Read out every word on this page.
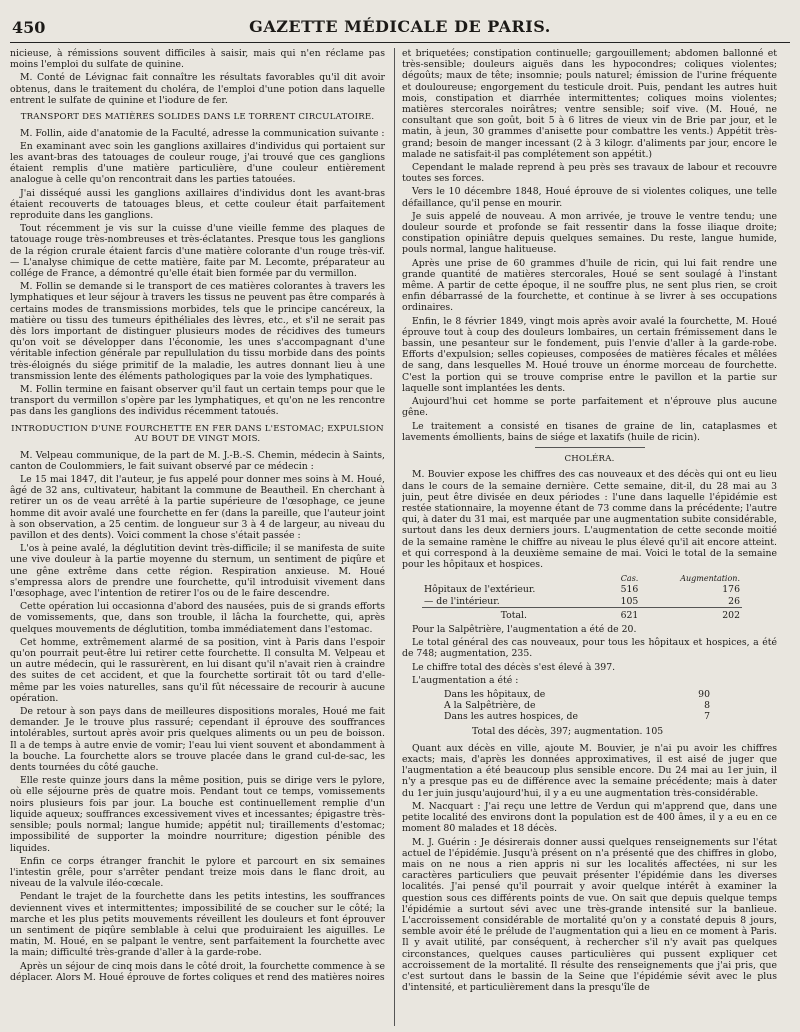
450	GAZETTE MÉDICALE DE PARIS.

nicieuse, à rémissions souvent difficiles à saisir, mais qui n'en réclame pas moins l'emploi du sulfate de quinine.

M. Conté de Lévignac fait connaître les résultats favorables qu'il dit avoir obtenus, dans le traitement du choléra, de l'emploi d'une potion dans laquelle entrent le sulfate de quinine et l'iodure de fer.

TRANSPORT DES MATIÈRES SOLIDES DANS LE TORRENT CIRCULATOIRE.

M. Follin, aide d'anatomie de la Faculté, adresse la communication suivante :

En examinant avec soin les ganglions axillaires d'individus qui portaient sur les avant-bras des tatouages de couleur rouge, j'ai trouvé que ces ganglions étaient remplis d'une matière particulière, d'une couleur entièrement analogue à celle qu'on rencontrait dans les parties tatouées.

J'ai disséqué aussi les ganglions axillaires d'individus dont les avant-bras étaient recouverts de tatouages bleus, et cette couleur était parfaitement reproduite dans les ganglions.

Tout récemment je vis sur la cuisse d'une vieille femme des plaques de tatouage rouge très-nombreuses et très-éclatantes. Presque tous les ganglions de la région crurale étaient farcis d'une matière colorante d'un rouge très-vif. — L'analyse chimique de cette matière, faite par M. Lecomte, préparateur au collége de France, a démontré qu'elle était bien formée par du vermillon.

M. Follin se demande si le transport de ces matières colorantes à travers les lymphatiques et leur séjour à travers les tissus ne peuvent pas être comparés à certains modes de transmissions morbides, tels que le principe cancéreux, la matière ou tissu des tumeurs épithéliales des lèvres, etc., et s'il ne serait pas dès lors important de distinguer plusieurs modes de récidives des tumeurs qu'on voit se développer dans l'économie, les unes s'accompagnant d'une véritable infection générale par repullulation du tissu morbide dans des points très-éloignés du siége primitif de la maladie, les autres donnant lieu à une transmission lente des éléments pathologiques par la voie des lymphatiques.

M. Follin termine en faisant observer qu'il faut un certain temps pour que le transport du vermillon s'opère par les lymphatiques, et qu'on ne les rencontre pas dans les ganglions des individus récemment tatoués.

INTRODUCTION D'UNE FOURCHETTE EN FER DANS L'ESTOMAC; EXPULSION AU BOUT DE VINGT MOIS.

M. Velpeau communique, de la part de M. J.-B.-S. Chemin, médecin à Saints, canton de Coulommiers, le fait suivant observé par ce médecin :

Le 15 mai 1847, dit l'auteur, je fus appelé pour donner mes soins à M. Houé, âgé de 32 ans, cultivateur, habitant la commune de Beautheil. En cherchant à retirer un os de veau arrêté à la partie supérieure de l'œsophage, ce jeune homme dit avoir avalé une fourchette en fer (dans la pareille, que l'auteur joint à son observation, a 25 centim. de longueur sur 3 à 4 de largeur, au niveau du pavillon et des dents). Voici comment la chose s'était passée :

L'os à peine avalé, la déglutition devint très-difficile; il se manifesta de suite une vive douleur à la partie moyenne du sternum, un sentiment de piqûre et une gêne extrême dans cette région. Respiration anxieuse. M. Houé s'empressa alors de prendre une fourchette, qu'il introduisit vivement dans l'œsophage, avec l'intention de retirer l'os ou de le faire descendre.

Cette opération lui occasionna d'abord des nausées, puis de si grands efforts de vomissements, que, dans son trouble, il lâcha la fourchette, qui, après quelques mouvements de déglutition, tomba immédiatement dans l'estomac.

Cet homme, extrêmement alarmé de sa position, vint à Paris dans l'espoir qu'on pourrait peut-être lui retirer cette fourchette. Il consulta M. Velpeau et un autre médecin, qui le rassurèrent, en lui disant qu'il n'avait rien à craindre des suites de cet accident, et que la fourchette sortirait tôt ou tard d'elle-même par les voies naturelles, sans qu'il fût nécessaire de recourir à aucune opération.

De retour à son pays dans de meilleures dispositions morales, Houé me fait demander. Je le trouve plus rassuré; cependant il éprouve des souffrances intolérables, surtout après avoir pris quelques aliments ou un peu de boisson. Il a de temps à autre envie de vomir; l'eau lui vient souvent et abondamment à la bouche. La fourchette alors se trouve placée dans le grand cul-de-sac, les dents tournées du côté gauche.

Elle reste quinze jours dans la même position, puis se dirige vers le pylore, où elle séjourne près de quatre mois. Pendant tout ce temps, vomissements noirs plusieurs fois par jour. La bouche est continuellement remplie d'un liquide aqueux; souffrances excessivement vives et incessantes; épigastre très-sensible; pouls normal; langue humide; appétit nul; tiraillements d'estomac; impossibilité de supporter la moindre nourriture; digestion pénible des liquides.

Enfin ce corps étranger franchit le pylore et parcourt en six semaines l'intestin grêle, pour s'arrêter pendant treize mois dans le flanc droit, au niveau de la valvule iléo-cœcale.

Pendant le trajet de la fourchette dans les petits intestins, les souffrances deviennent vives et intermittentes; impossibilité de se coucher sur le côté; la marche et les plus petits mouvements réveillent les douleurs et font éprouver un sentiment de piqûre semblable à celui que produiraient les aiguilles. Le matin, M. Houé, en se palpant le ventre, sent parfaitement la fourchette avec la main; difficulté très-grande d'aller à la garde-robe.

Après un séjour de cinq mois dans le côté droit, la fourchette commence à se déplacer. Alors M. Houé éprouve de fortes coliques et rend des matières noires

et briquetées; constipation continuelle; gargouillement; abdomen ballonné et très-sensible; douleurs aiguës dans les hypocondres; coliques violentes; dégoûts; maux de tête; insomnie; pouls naturel; émission de l'urine fréquente et douloureuse; engorgement du testicule droit. Puis, pendant les autres huit mois, constipation et diarrhée intermittentes; coliques moins violentes; matières stercorales noirâtres; ventre sensible; soif vive. (M. Houé, ne consultant que son goût, boit 5 à 6 litres de vieux vin de Brie par jour, et le matin, à jeun, 30 grammes d'anisette pour combattre les vents.) Appétit très-grand; besoin de manger incessant (2 à 3 kilogr. d'aliments par jour, encore le malade ne satisfait-il pas complétement son appétit.)

Cependant le malade reprend à peu près ses travaux de labour et recouvre toutes ses forces.

Vers le 10 décembre 1848, Houé éprouve de si violentes coliques, une telle défaillance, qu'il pense en mourir.

Je suis appelé de nouveau. A mon arrivée, je trouve le ventre tendu; une douleur sourde et profonde se fait ressentir dans la fosse iliaque droite; constipation opiniâtre depuis quelques semaines. Du reste, langue humide, pouls normal, langue halitueuse.

Après une prise de 60 grammes d'huile de ricin, qui lui fait rendre une grande quantité de matières stercorales, Houé se sent soulagé à l'instant même. A partir de cette époque, il ne souffre plus, ne sent plus rien, se croit enfin débarrassé de la fourchette, et continue à se livrer à ses occupations ordinaires.

Enfin, le 8 février 1849, vingt mois après avoir avalé la fourchette, M. Houé éprouve tout à coup des douleurs lombaires, un certain frémissement dans le bassin, une pesanteur sur le fondement, puis l'envie d'aller à la garde-robe. Efforts d'expulsion; selles copieuses, composées de matières fécales et mêlées de sang, dans lesquelles M. Houé trouve un énorme morceau de fourchette. C'est la portion qui se trouve comprise entre le pavillon et la partie sur laquelle sont implantées les dents.

Aujourd'hui cet homme se porte parfaitement et n'éprouve plus aucune gêne.

Le traitement a consisté en tisanes de graine de lin, cataplasmes et lavements émollients, bains de siége et laxatifs (huile de ricin).

CHOLÉRA.

M. Bouvier expose les chiffres des cas nouveaux et des décès qui ont eu lieu dans le cours de la semaine dernière. Cette semaine, dit-il, du 28 mai au 3 juin, peut être divisée en deux périodes : l'une dans laquelle l'épidémie est restée stationnaire, la moyenne étant de 73 comme dans la précédente; l'autre qui, à dater du 31 mai, est marquée par une augmentation subite considérable, surtout dans les deux derniers jours. L'augmentation de cette seconde moitié de la semaine ramène le chiffre au niveau le plus élevé qu'il ait encore atteint. et qui correspond à la deuxième semaine de mai. Voici le total de la semaine pour les hôpitaux et hospices.

	Cas.	Augmentation.
Hôpitaux de l'extérieur.	516	176
— de l'intérieur.	105	26
Total.	621	202

Pour la Salpêtrière, l'augmentation a été de 20.

Le total général des cas nouveaux, pour tous les hôpitaux et hospices, a été de 748; augmentation, 235.

Le chiffre total des décès s'est élevé à 397.

L'augmentation a été :

Dans les hôpitaux, de	90
A la Salpêtrière, de	8
Dans les autres hospices, de	7
Total des décès, 397; augmentation. 105

Quant aux décès en ville, ajoute M. Bouvier, je n'ai pu avoir les chiffres exacts; mais, d'après les données approximatives, il est aisé de juger que l'augmentation a été beaucoup plus sensible encore. Du 24 mai au 1er juin, il n'y a presque pas eu de différence avec la semaine précédente; mais à dater du 1er juin jusqu'aujourd'hui, il y a eu une augmentation très-considérable.

M. Nacquart : J'ai reçu une lettre de Verdun qui m'apprend que, dans une petite localité des environs dont la population est de 400 âmes, il y a eu en ce moment 80 malades et 18 décès.

M. J. Guérin : Je désirerais donner aussi quelques renseignements sur l'état actuel de l'épidémie. Jusqu'à présent on n'a présenté que des chiffres in globo, mais on ne nous a rien appris ni sur les localités affectées, ni sur les caractères particuliers que peuvait présenter l'épidémie dans les diverses localités. J'ai pensé qu'il pourrait y avoir quelque intérêt à examiner la question sous ces différents points de vue. On sait que depuis quelque temps l'épidémie a surtout sévi avec une très-grande intensité sur la banlieue. L'accroissement considérable de mortalité qu'on y a constaté depuis 8 jours, semble avoir été le prélude de l'augmentation qui a lieu en ce moment à Paris. Il y avait utilité, par conséquent, à rechercher s'il n'y avait pas quelques circonstances, quelques causes particulières qui pussent expliquer cet accroissement de la mortalité. Il résulte des renseignements que j'ai pris, que c'est surtout dans le bassin de la Seine que l'épidémie sévit avec le plus d'intensité, et particulièrement dans la presqu'île de
